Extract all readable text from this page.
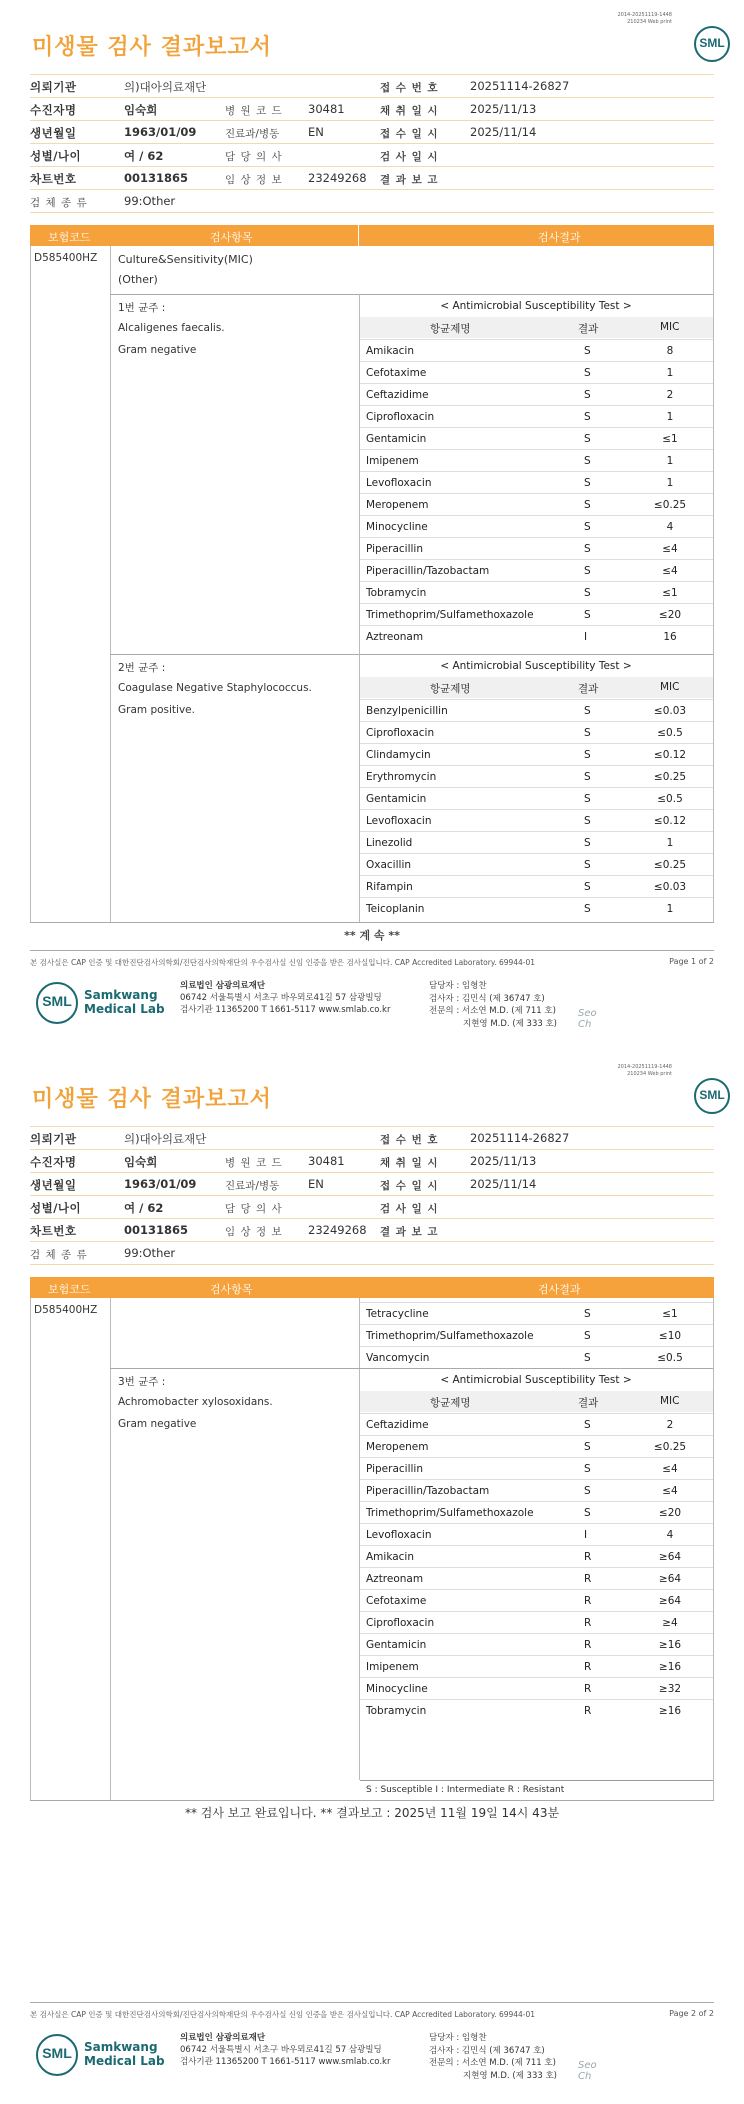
2014-20251119-1448
210234 Web print
SML
미생물 검사 결과보고서
의뢰기관	의)대아의료재단	접 수 번 호	20251114-26827
수진자명	임숙희	병 원 코 드 30481	채 취 일 시	2025/11/13
생년월일	1963/01/09	진료과/병동 EN	접 수 일 시	2025/11/14
성별/나이	여 / 62	담 당 의 사	검 사 일 시
차트번호	00131865	임 상 정 보 23249268 결 과 보 고
검 체 종 류	99:Other
보험코드	검사항목	검사결과
D585400HZ Culture&Sensitivity(MIC)
(Other)
1번 균주 :
Alcaligenes faecalis.
Gram negative
< Antimicrobial Susceptibility Test >
항균제명	결과	MIC
Amikacin	S	8
Cefotaxime	S	1
Ceftazidime	S	2
Ciprofloxacin	S	1
Gentamicin	S	≤1
Imipenem	S	1
Levofloxacin	S	1
Meropenem	S	≤0.25
Minocycline	S	4
Piperacillin	S	≤4
Piperacillin/Tazobactam	S	≤4
Tobramycin	S	≤1
Trimethoprim/Sulfamethoxazole	S	≤20
Aztreonam	I	16
2번 균주 :
Coagulase Negative Staphylococcus.
Gram positive.
< Antimicrobial Susceptibility Test >
항균제명	결과	MIC
Benzylpenicillin	S	≤0.03
Ciprofloxacin	S	≤0.5
Clindamycin	S	≤0.12
Erythromycin	S	≤0.25
Gentamicin	S	≤0.5
Levofloxacin	S	≤0.12
Linezolid	S	1
Oxacillin	S	≤0.25
Rifampin	S	≤0.03
Teicoplanin	S	1
** 계 속 **
본 검사실은 CAP 인증 및 대한진단검사의학회/진단검사의학재단의 우수검사실 신임 인증을 받은 검사실입니다. CAP Accredited Laboratory. 69944-01	Page 1 of 2
SML	Samkwang
Medical Lab
의료법인 삼광의료재단
06742 서울특별시 서초구 바우뫼로41길 57 삼광빌딩
검사기관 11365200 T 1661-5117 www.smlab.co.kr
담당자 : 임형찬
검사자 : 김민식 (제 36747 호)
전문의 : 서소연 M.D. (제 711 호)
지현영 M.D. (제 333 호)
Seo
Ch
2014-20251119-1448
210234 Web print
SML
미생물 검사 결과보고서
의뢰기관	의)대아의료재단	접 수 번 호	20251114-26827
수진자명	임숙희	병 원 코 드 30481	채 취 일 시	2025/11/13
생년월일	1963/01/09	진료과/병동 EN	접 수 일 시	2025/11/14
성별/나이	여 / 62	담 당 의 사	검 사 일 시
차트번호	00131865	임 상 정 보 23249268 결 과 보 고
검 체 종 류	99:Other
보험코드	검사항목	검사결과
D585400HZ	Tetracycline	S	≤1
Trimethoprim/Sulfamethoxazole	S	≤10
Vancomycin	S	≤0.5
3번 균주 :
Achromobacter xylosoxidans.
Gram negative
< Antimicrobial Susceptibility Test >
항균제명	결과	MIC
Ceftazidime	S	2
Meropenem	S	≤0.25
Piperacillin	S	≤4
Piperacillin/Tazobactam	S	≤4
Trimethoprim/Sulfamethoxazole	S	≤20
Levofloxacin	I	4
Amikacin	R	≥64
Aztreonam	R	≥64
Cefotaxime	R	≥64
Ciprofloxacin	R	≥4
Gentamicin	R	≥16
Imipenem	R	≥16
Minocycline	R	≥32
Tobramycin	R	≥16
S : Susceptible I : Intermediate R : Resistant
** 검사 보고 완료입니다. ** 결과보고 : 2025년 11월 19일 14시 43분
본 검사실은 CAP 인증 및 대한진단검사의학회/진단검사의학재단의 우수검사실 신임 인증을 받은 검사실입니다. CAP Accredited Laboratory. 69944-01	Page 2 of 2
SML	Samkwang
Medical Lab
의료법인 삼광의료재단
06742 서울특별시 서초구 바우뫼로41길 57 삼광빌딩
검사기관 11365200 T 1661-5117 www.smlab.co.kr
담당자 : 임형찬
검사자 : 김민식 (제 36747 호)
전문의 : 서소연 M.D. (제 711 호)
지현영 M.D. (제 333 호)
Seo
Ch
